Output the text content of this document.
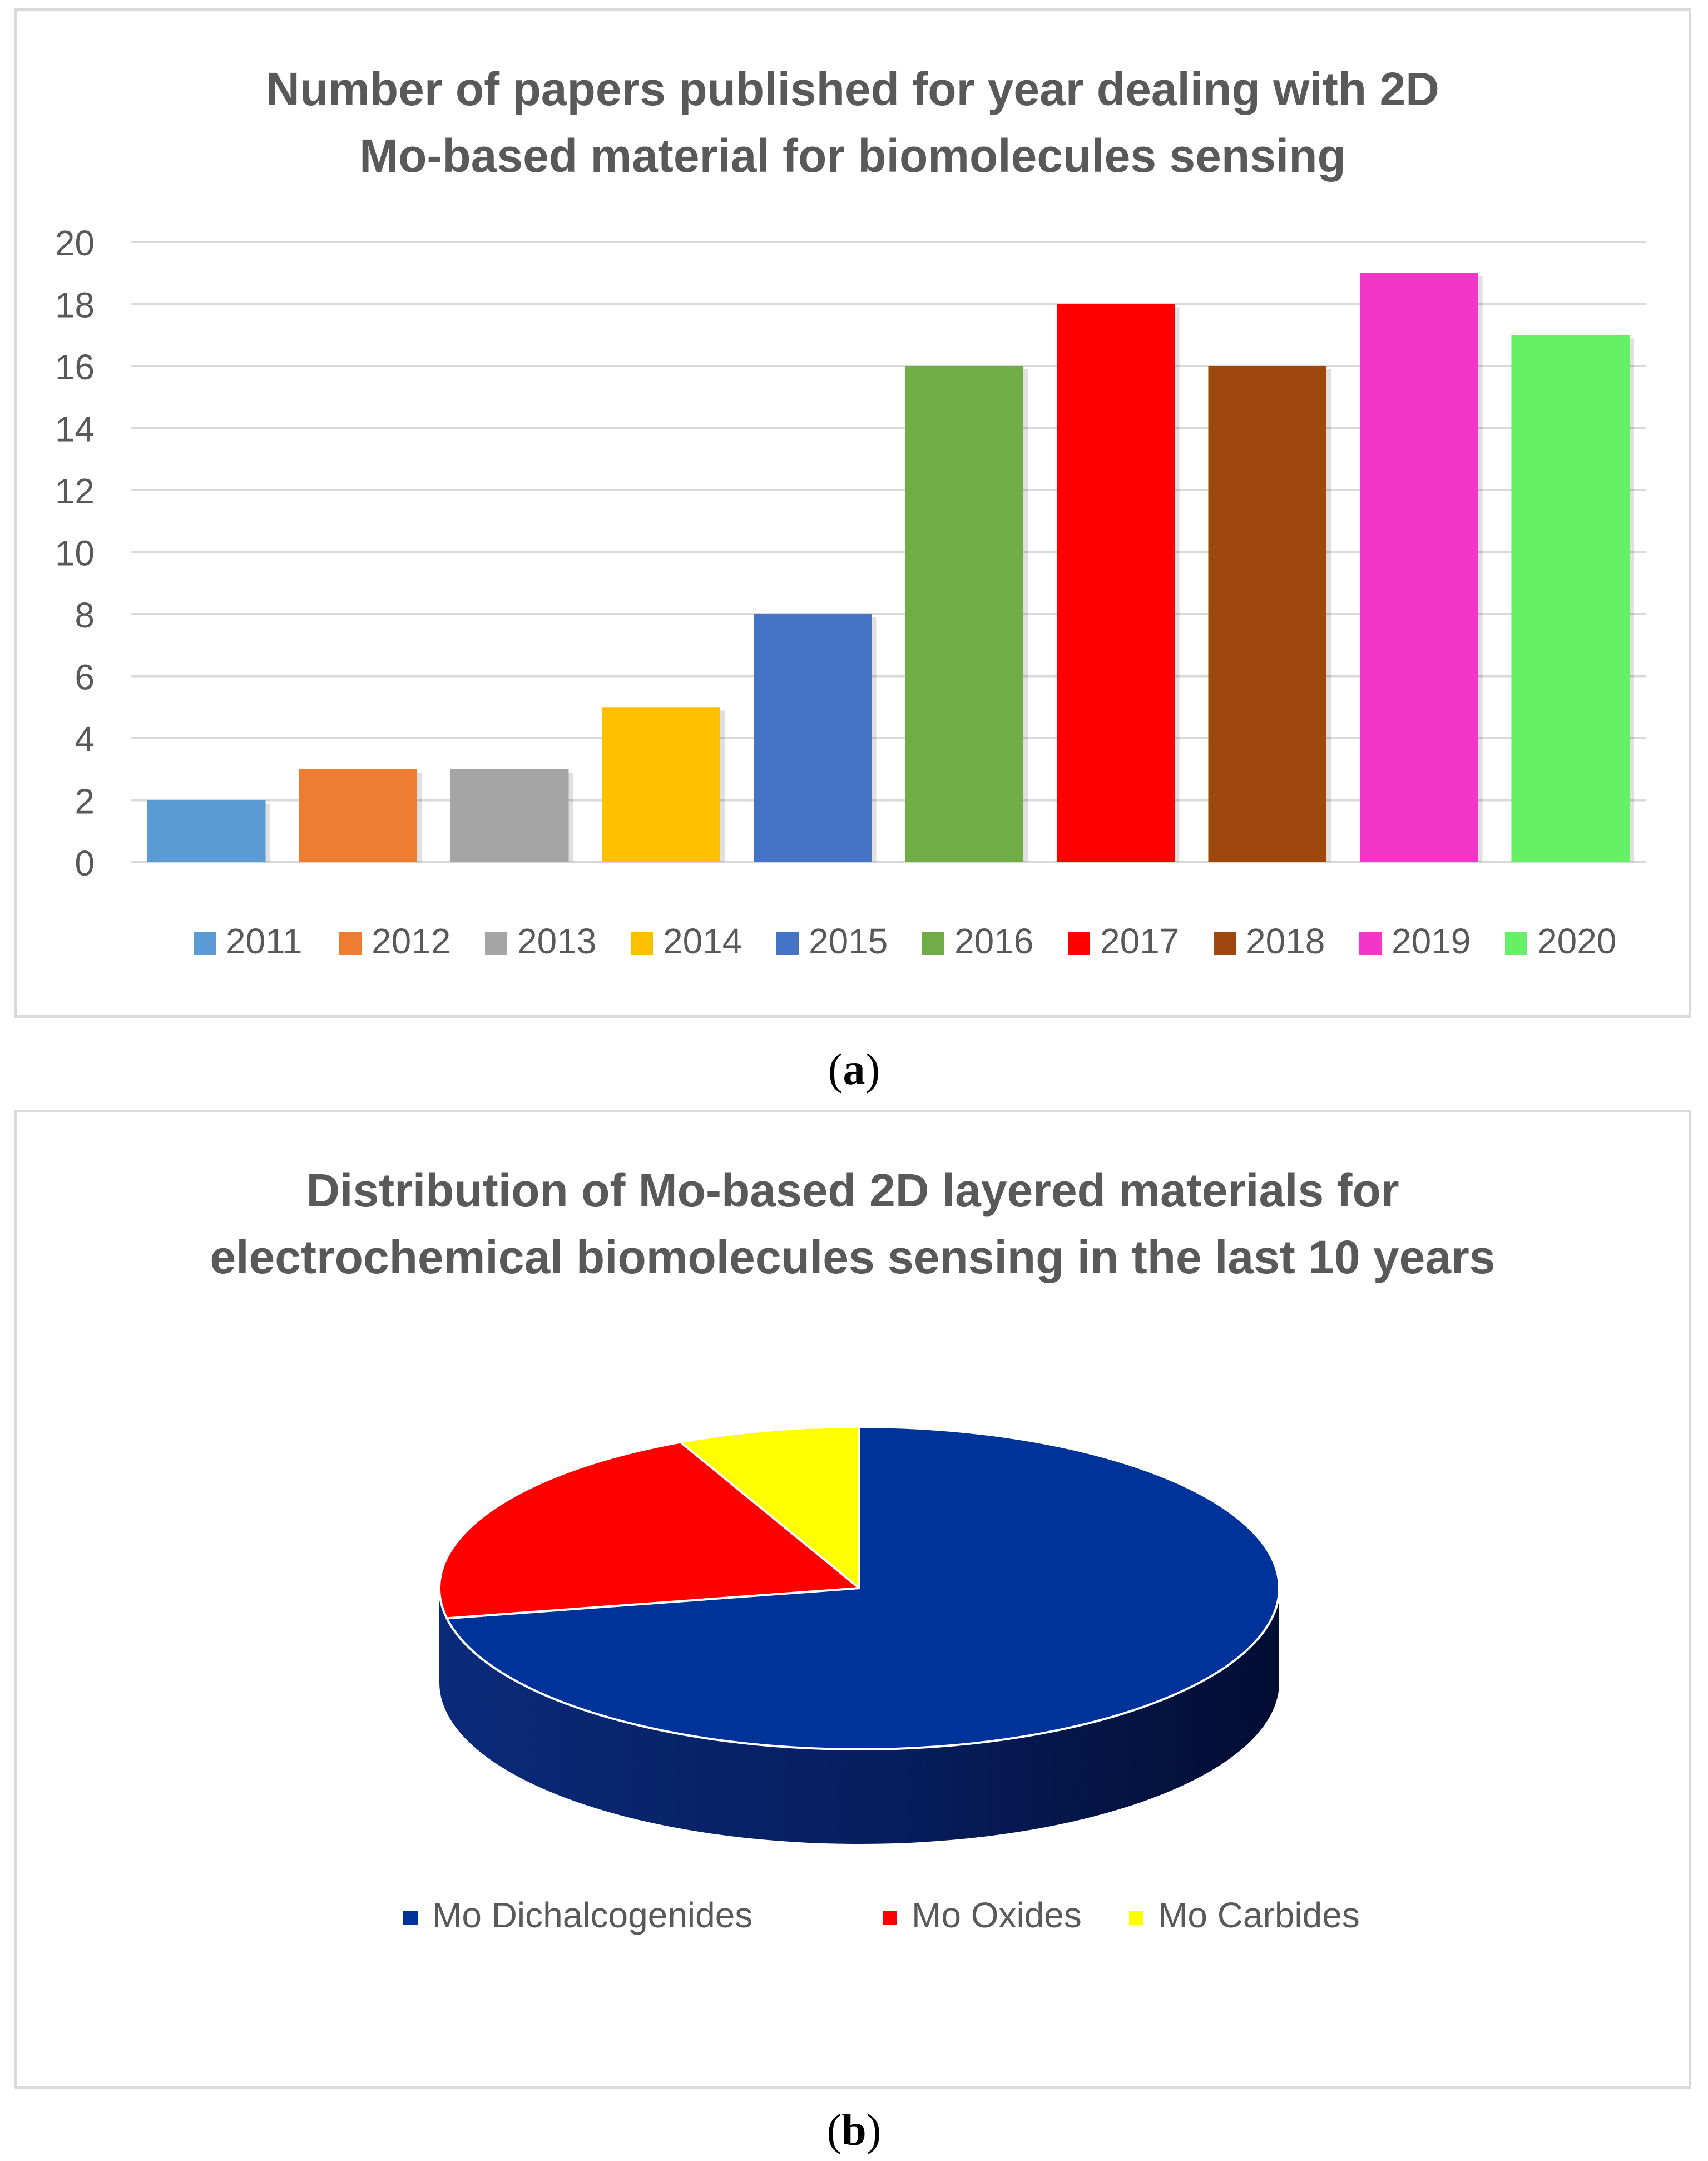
Number of papers published for year dealing with 2D
Mo-based material for biomolecules sensing
0
2
4
6
8
10
12
14
16
18
20
2011 2012 2013 2014 2015 2016 2017 2018 2019 2020
(a)
Distribution of Mo-based 2D layered materials for
electrochemical biomolecules sensing in the last 10 years
Mo Dichalcogenides	Mo Oxides Mo Carbides
(b)
